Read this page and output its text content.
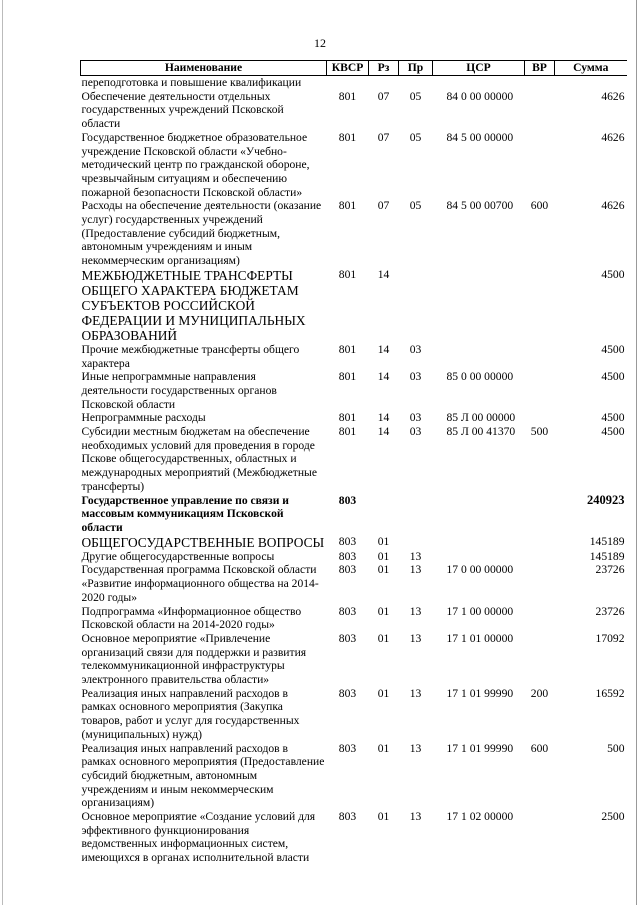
12
Наименование	КВСР	Рз	Пр	ЦСР	ВР	Сумма
переподготовка и повышение квалификации						
Обеспечение деятельности отдельных государственных учреждений Псковской области	801	07	05	84 0 00 00000		4626
Государственное бюджетное образовательное учреждение Псковской области «Учебно-методический центр по гражданской обороне, чрезвычайным ситуациям и обеспечению пожарной безопасности Псковской области»	801	07	05	84 5 00 00000		4626
Расходы на обеспечение деятельности (оказание услуг) государственных учреждений (Предоставление субсидий бюджетным, автономным учреждениям и иным некоммерческим организациям)	801	07	05	84 5 00 00700	600	4626
МЕЖБЮДЖЕТНЫЕ ТРАНСФЕРТЫ ОБЩЕГО ХАРАКТЕРА БЮДЖЕТАМ СУБЪЕКТОВ РОССИЙСКОЙ ФЕДЕРАЦИИ И МУНИЦИПАЛЬНЫХ ОБРАЗОВАНИЙ	801	14				4500
Прочие межбюджетные трансферты общего характера	801	14	03			4500
Иные непрограммные направления деятельности государственных органов Псковской области	801	14	03	85 0 00 00000		4500
Непрограммные расходы	801	14	03	85 Л 00 00000		4500
Субсидии местным бюджетам на обеспечение необходимых условий для проведения в городе Пскове общегосударственных, областных и международных мероприятий (Межбюджетные трансферты)	801	14	03	85 Л 00 41370	500	4500
Государственное управление по связи и массовым коммуникациям Псковской области	803					240923
ОБЩЕГОСУДАРСТВЕННЫЕ ВОПРОСЫ	803	01				145189
Другие общегосударственные вопросы	803	01	13			145189
Государственная программа Псковской области «Развитие информационного общества на 2014-2020 годы»	803	01	13	17 0 00 00000		23726
Подпрограмма «Информационное общество Псковской области на 2014-2020 годы»	803	01	13	17 1 00 00000		23726
Основное мероприятие «Привлечение организаций связи для поддержки и развития телекоммуникационной инфраструктуры электронного правительства области»	803	01	13	17 1 01 00000		17092
Реализация иных направлений расходов в рамках основного мероприятия (Закупка товаров, работ и услуг для государственных (муниципальных) нужд)	803	01	13	17 1 01 99990	200	16592
Реализация иных направлений расходов в рамках основного мероприятия (Предоставление субсидий бюджетным, автономным учреждениям и иным некоммерческим организациям)	803	01	13	17 1 01 99990	600	500
Основное мероприятие «Создание условий для эффективного функционирования ведомственных информационных систем, имеющихся в органах исполнительной власти	803	01	13	17 1 02 00000		2500
